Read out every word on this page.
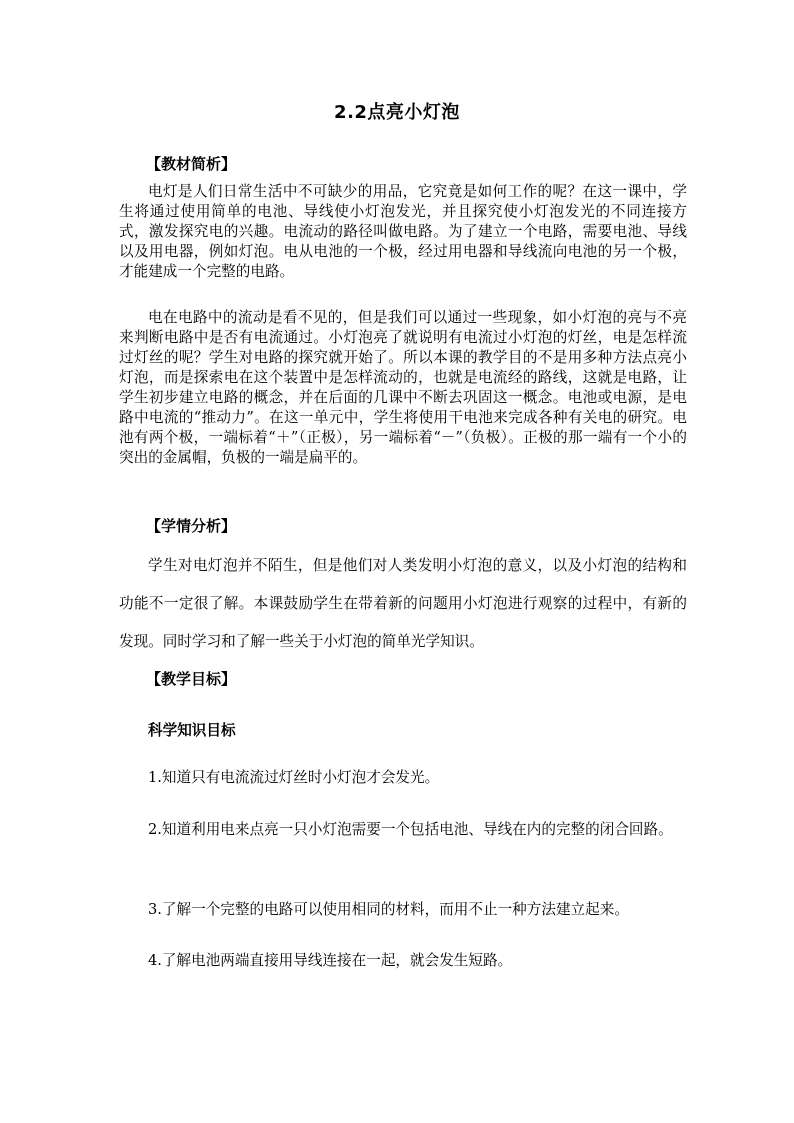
2.2点亮小灯泡
【教材简析】

电灯是人们日常生活中不可缺少的用品，它究竟是如何工作的呢？在这一课中，学生将通过使用简单的电池、导线使小灯泡发光，并且探究使小灯泡发光的不同连接方式，激发探究电的兴趣。电流动的路径叫做电路。为了建立一个电路，需要电池、导线以及用电器，例如灯泡。电从电池的一个极，经过用电器和导线流向电池的另一个极，才能建成一个完整的电路。

电在电路中的流动是看不见的，但是我们可以通过一些现象，如小灯泡的亮与不亮来判断电路中是否有电流通过。小灯泡亮了就说明有电流过小灯泡的灯丝，电是怎样流过灯丝的呢？学生对电路的探究就开始了。所以本课的教学目的不是用多种方法点亮小灯泡，而是探索电在这个装置中是怎样流动的，也就是电流经的路线，这就是电路，让学生初步建立电路的概念，并在后面的几课中不断去巩固这一概念。电池或电源，是电路中电流的“推动力”。在这一单元中，学生将使用干电池来完成各种有关电的研究。电池有两个极，一端标着“＋”（正极），另一端标着“－”（负极）。正极的那一端有一个小的突出的金属帽，负极的一端是扁平的。

【学情分析】

学生对电灯泡并不陌生，但是他们对人类发明小灯泡的意义，以及小灯泡的结构和功能不一定很了解。本课鼓励学生在带着新的问题用小灯泡进行观察的过程中，有新的发现。同时学习和了解一些关于小灯泡的简单光学知识。

【教学目标】
科学知识目标

1.知道只有电流流过灯丝时小灯泡才会发光。

2.知道利用电来点亮一只小灯泡需要一个包括电池、导线在内的完整的闭合回路。

3.了解一个完整的电路可以使用相同的材料，而用不止一种方法建立起来。

4.了解电池两端直接用导线连接在一起，就会发生短路。
